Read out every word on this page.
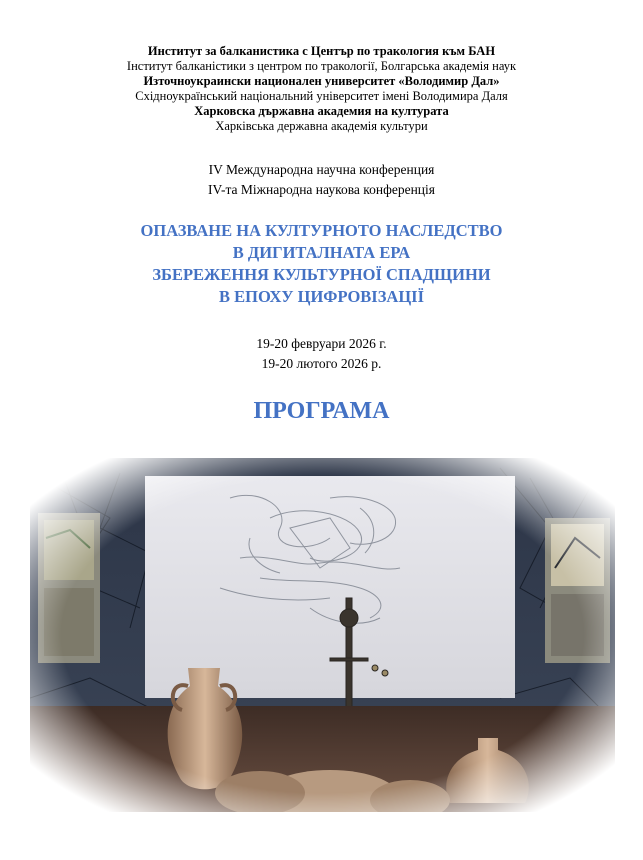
Институт за балканистика с Център по тракология към БАН
Інститут балканістики з центром по тракології, Болгарська академія наук
Източноукраински национален университет «Володимир Дал»
Східноукраїнський національний університет імені Володимира Даля
Харковска държавна академия на културата
Харківська державна академія культури
IV Международна научна конференция
IV-та Міжнародна наукова конференція
ОПАЗВАНЕ НА КУЛТУРНОТО НАСЛЕДСТВО
В ДИГИТАЛНАТА ЕРА
ЗБЕРЕЖЕННЯ КУЛЬТУРНОЇ СПАДЩИНИ
В ЕПОХУ ЦИФРОВІЗАЦІЇ
19-20 февруари 2026 г.
19-20 лютого 2026 р.
ПРОГРАМА
